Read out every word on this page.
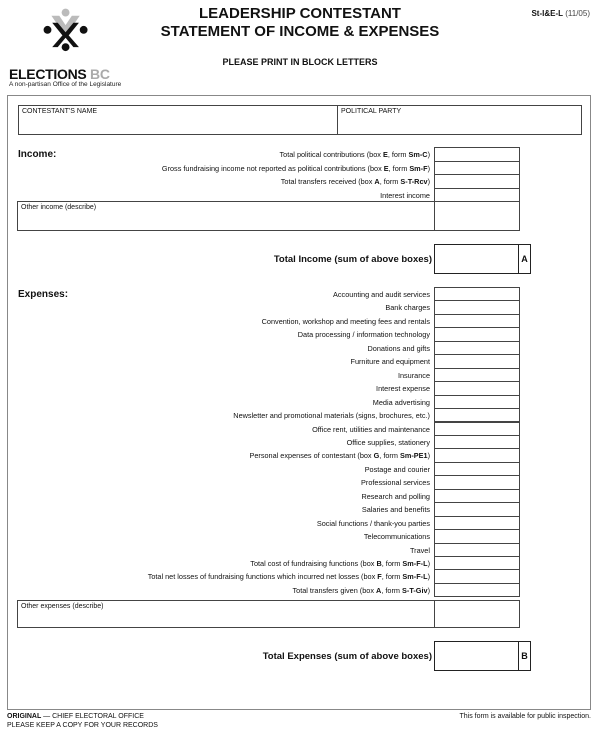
ELECTIONS BC
A non-partisan Office of the Legislature
LEADERSHIP CONTESTANT
STATEMENT OF INCOME & EXPENSES
PLEASE PRINT IN BLOCK LETTERS
St-I&E-L (11/05)
CONTESTANT'S NAME	POLITICAL PARTY
Income:	Total political contributions (box E, form Sm-C)
Gross fundraising income not reported as political contributions (box E, form Sm-F)
Total transfers received (box A, form S-T-Rcv)
Interest income
Other income (describe)
Total Income (sum of above boxes)	A
Expenses:	Accounting and audit services
Bank charges
Convention, workshop and meeting fees and rentals
Data processing / information technology
Donations and gifts
Furniture and equipment
Insurance
Interest expense
Media advertising
Newsletter and promotional materials (signs, brochures, etc.)
Office rent, utilities and maintenance
Office supplies, stationery
Personal expenses of contestant (box G, form Sm-PE1)
Postage and courier
Professional services
Research and polling
Salaries and benefits
Social functions / thank-you parties
Telecommunications
Travel
Total cost of fundraising functions (box B, form Sm-F-L)
Total net losses of fundraising functions which incurred net losses (box F, form Sm-F-L)
Total transfers given (box A, form S-T-Giv)
Other expenses (describe)
Total Expenses (sum of above boxes)	B
ORIGINAL — CHIEF ELECTORAL OFFICE
PLEASE KEEP A COPY FOR YOUR RECORDS
This form is available for public inspection.
